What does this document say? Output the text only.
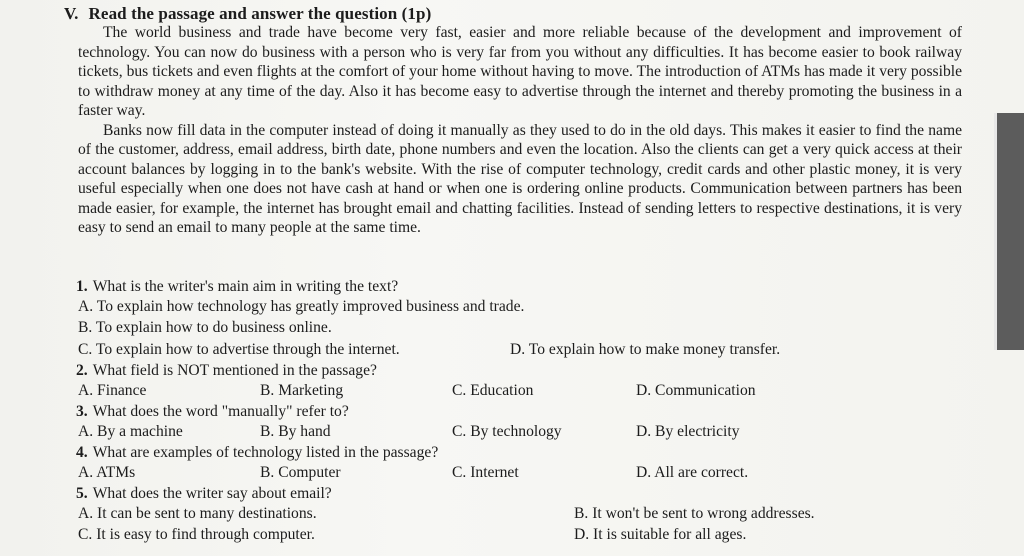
V. Read the passage and answer the question (1p)

The world business and trade have become very fast, easier and more reliable because of the development and improvement of technology. You can now do business with a person who is very far from you without any difficulties. It has become easier to book railway tickets, bus tickets and even flights at the comfort of your home without having to move. The introduction of ATMs has made it very possible to withdraw money at any time of the day. Also it has become easy to advertise through the internet and thereby promoting the business in a faster way.

Banks now fill data in the computer instead of doing it manually as they used to do in the old days. This makes it easier to find the name of the customer, address, email address, birth date, phone numbers and even the location. Also the clients can get a very quick access at their account balances by logging in to the bank's website. With the rise of computer technology, credit cards and other plastic money, it is very useful especially when one does not have cash at hand or when one is ordering online products. Communication between partners has been made easier, for example, the internet has brought email and chatting facilities. Instead of sending letters to respective destinations, it is very easy to send an email to many people at the same time.

1. What is the writer's main aim in writing the text?
A. To explain how technology has greatly improved business and trade.
B. To explain how to do business online.
C. To explain how to advertise through the internet.	D. To explain how to make money transfer.
2. What field is NOT mentioned in the passage?
A. Finance	B. Marketing	C. Education	D. Communication
3. What does the word "manually" refer to?
A. By a machine	B. By hand	C. By technology	D. By electricity
4. What are examples of technology listed in the passage?
A. ATMs	B. Computer	C. Internet	D. All are correct.
5. What does the writer say about email?
A. It can be sent to many destinations.	B. It won't be sent to wrong addresses.
C. It is easy to find through computer.	D. It is suitable for all ages.
